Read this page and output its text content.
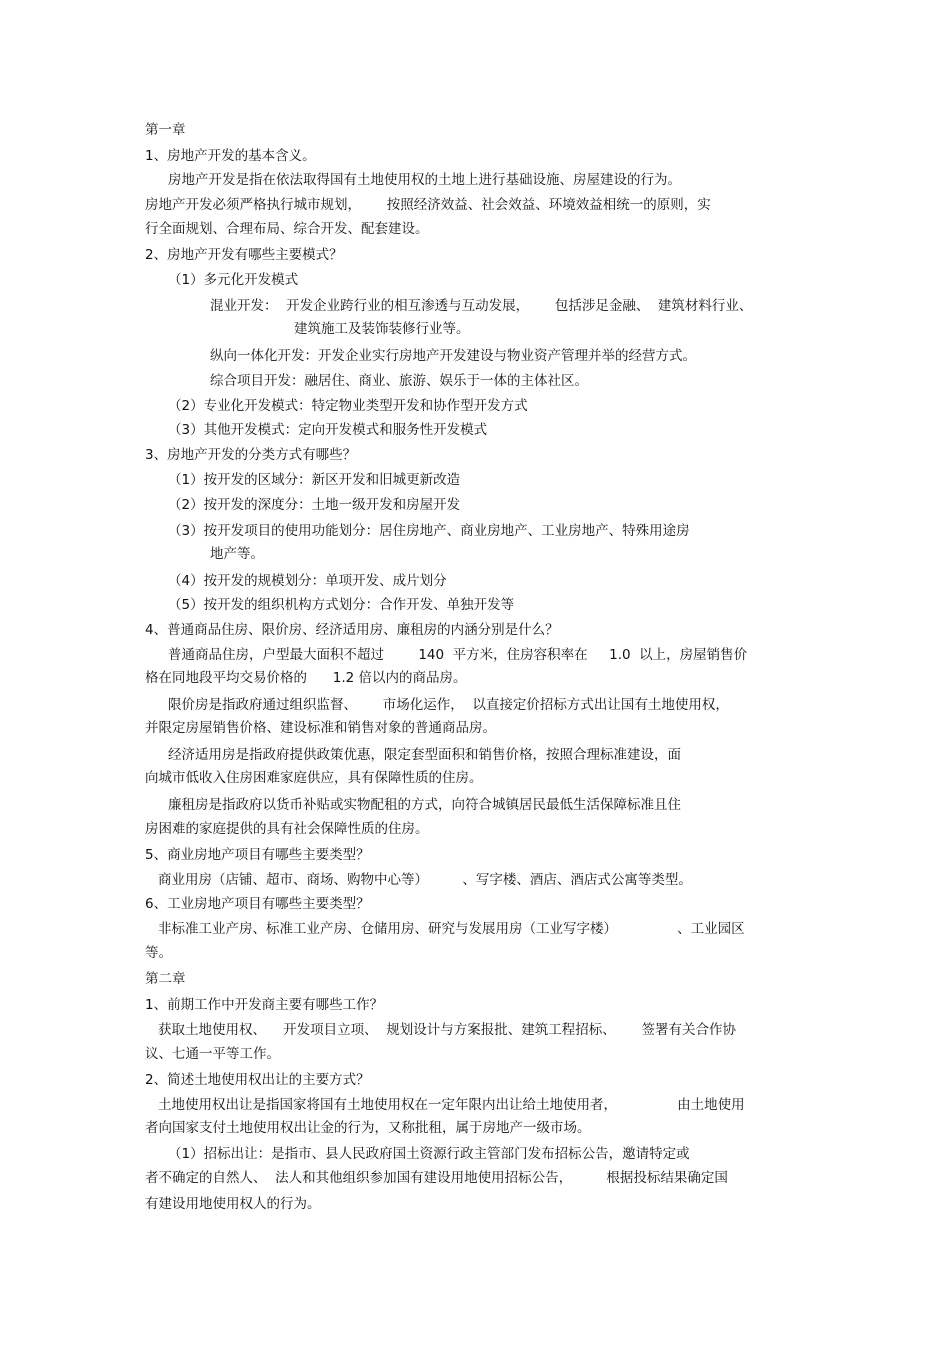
第一章
1、房地产开发的基本含义。
房地产开发是指在依法取得国有土地使用权的土地上进行基础设施、房屋建设的行为。
房地产开发必须严格执行城市规划，      按照经济效益、社会效益、环境效益相统一的原则，实
行全面规划、合理布局、综合开发、配套建设。
2、房地产开发有哪些主要模式？
（1）多元化开发模式
混业开发：  开发企业跨行业的相互渗透与互动发展，      包括涉足金融、  建筑材料行业、
建筑施工及装饰装修行业等。
纵向一体化开发：开发企业实行房地产开发建设与物业资产管理并举的经营方式。
综合项目开发：融居住、商业、旅游、娱乐于一体的主体社区。
（2）专业化开发模式：特定物业类型开发和协作型开发方式
（3）其他开发模式：定向开发模式和服务性开发模式
3、房地产开发的分类方式有哪些？
（1）按开发的区域分：新区开发和旧城更新改造
（2）按开发的深度分：土地一级开发和房屋开发
（3）按开发项目的使用功能划分：居住房地产、商业房地产、工业房地产、特殊用途房
地产等。
（4）按开发的规模划分：单项开发、成片划分
（5）按开发的组织机构方式划分：合作开发、单独开发等
4、普通商品住房、限价房、经济适用房、廉租房的内涵分别是什么？
普通商品住房，户型最大面积不超过        140  平方米，住房容积率在     1.0  以上，房屋销售价
格在同地段平均交易价格的      1.2 倍以内的商品房。
限价房是指政府通过组织监督、      市场化运作，  以直接定价招标方式出让国有土地使用权，
并限定房屋销售价格、建设标准和销售对象的普通商品房。
经济适用房是指政府提供政策优惠，限定套型面积和销售价格，按照合理标准建设，面
向城市低收入住房困难家庭供应，具有保障性质的住房。
廉租房是指政府以货币补贴或实物配租的方式，向符合城镇居民最低生活保障标准且住
房困难的家庭提供的具有社会保障性质的住房。
5、商业房地产项目有哪些主要类型？
商业用房（店铺、超市、商场、购物中心等）        、写字楼、酒店、酒店式公寓等类型。
6、工业房地产项目有哪些主要类型？
非标准工业产房、标准工业产房、仓储用房、研究与发展用房（工业写字楼）              、工业园区
等。
第二章
1、前期工作中开发商主要有哪些工作？
获取土地使用权、    开发项目立项、  规划设计与方案报批、建筑工程招标、      签署有关合作协
议、七通一平等工作。
2、简述土地使用权出让的主要方式？
土地使用权出让是指国家将国有土地使用权在一定年限内出让给土地使用者，              由土地使用
者向国家支付土地使用权出让金的行为，又称批租，属于房地产一级市场。
（1）招标出让：是指市、县人民政府国土资源行政主管部门发布招标公告，邀请特定或
者不确定的自然人、  法人和其他组织参加国有建设用地使用招标公告，        根据投标结果确定国
有建设用地使用权人的行为。
